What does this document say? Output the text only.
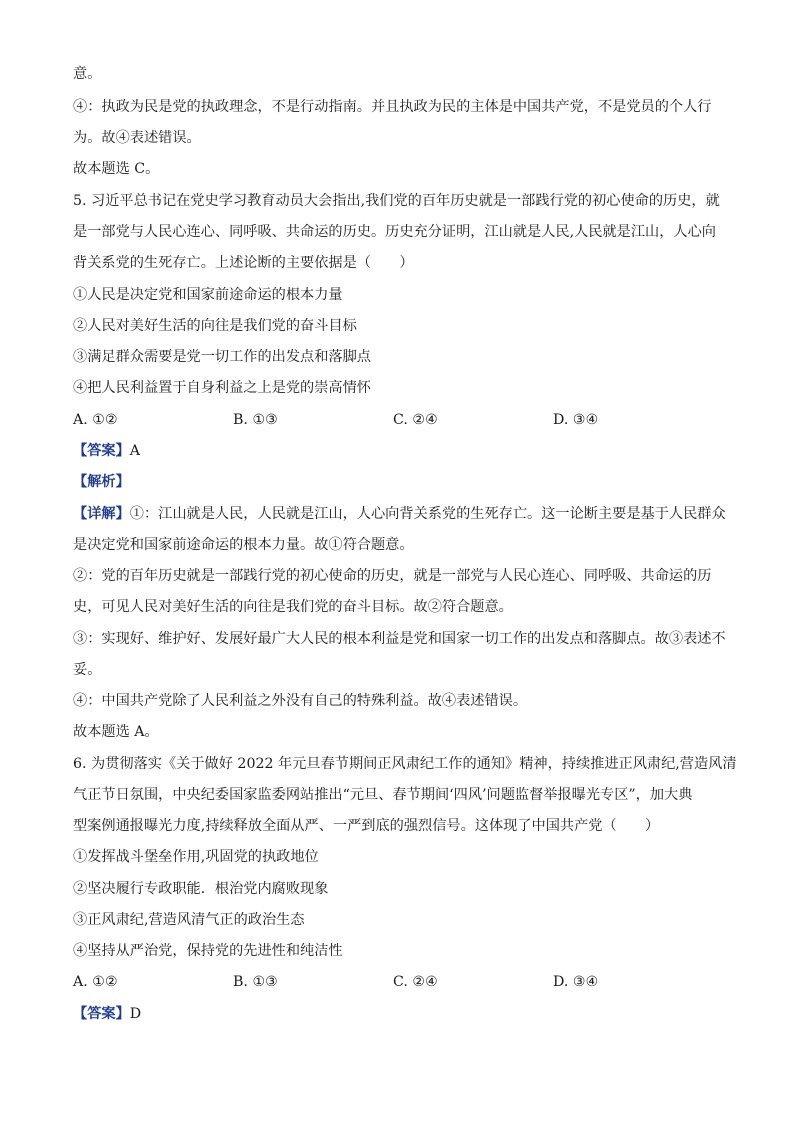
意。
④：执政为民是党的执政理念，不是行动指南。并且执政为民的主体是中国共产党，不是党员的个人行
为。故④表述错误。
故本题选 C。
5. 习近平总书记在党史学习教育动员大会指出,我们党的百年历史就是一部践行党的初心使命的历史，就
是一部党与人民心连心、同呼吸、共命运的历史。历史充分证明，江山就是人民,人民就是江山，人心向
背关系党的生死存亡。上述论断的主要依据是（　　）
①人民是决定党和国家前途命运的根本力量
②人民对美好生活的向往是我们党的奋斗目标
③满足群众需要是党一切工作的出发点和落脚点
④把人民利益置于自身利益之上是党的崇高情怀
A. ①②	B. ①③	C. ②④	D. ③④
【答案】A
【解析】
【详解】①：江山就是人民，人民就是江山，人心向背关系党的生死存亡。这一论断主要是基于人民群众
是决定党和国家前途命运的根本力量。故①符合题意。
②：党的百年历史就是一部践行党的初心使命的历史，就是一部党与人民心连心、同呼吸、共命运的历
史，可见人民对美好生活的向往是我们党的奋斗目标。故②符合题意。
③：实现好、维护好、发展好最广大人民的根本利益是党和国家一切工作的出发点和落脚点。故③表述不
妥。
④：中国共产党除了人民利益之外没有自己的特殊利益。故④表述错误。
故本题选 A。
6. 为贯彻落实《关于做好 2022 年元旦春节期间正风肃纪工作的通知》精神，持续推进正风肃纪,营造风清
气正节日氛围，中央纪委国家监委网站推出“元旦、春节期间‘四风’问题监督举报曝光专区”，加大典
型案例通报曝光力度,持续释放全面从严、一严到底的强烈信号。这体现了中国共产党（　　）
①发挥战斗堡垒作用,巩固党的执政地位
②坚决履行专政职能．根治党内腐败现象
③正风肃纪,营造风清气正的政治生态
④坚持从严治党，保持党的先进性和纯洁性
A. ①②	B. ①③	C. ②④	D. ③④
【答案】D
